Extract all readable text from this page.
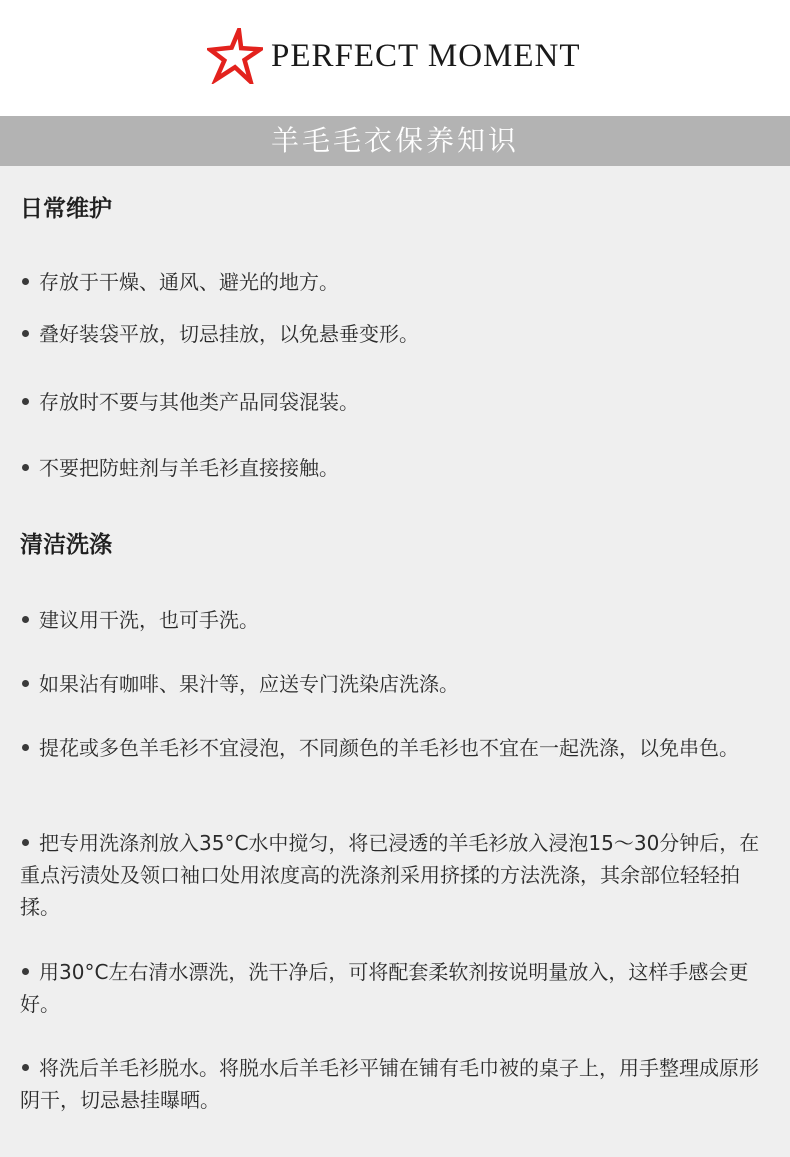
PERFECT MOMENT
羊毛毛衣保养知识
日常维护
存放于干燥、通风、避光的地方。
叠好装袋平放，切忌挂放，以免悬垂变形。
存放时不要与其他类产品同袋混装。
不要把防蛀剂与羊毛衫直接接触。
清洁洗涤
建议用干洗，也可手洗。
如果沾有咖啡、果汁等，应送专门洗染店洗涤。
提花或多色羊毛衫不宜浸泡，不同颜色的羊毛衫也不宜在一起洗涤，以免串色。
把专用洗涤剂放入35°C水中搅匀，将已浸透的羊毛衫放入浸泡15～30分钟后，在重点污渍处及领口袖口处用浓度高的洗涤剂采用挤揉的方法洗涤，其余部位轻轻拍揉。
用30°C左右清水漂洗，洗干净后，可将配套柔软剂按说明量放入，这样手感会更好。
将洗后羊毛衫脱水。将脱水后羊毛衫平铺在铺有毛巾被的桌子上，用手整理成原形阴干，切忌悬挂曝晒。
